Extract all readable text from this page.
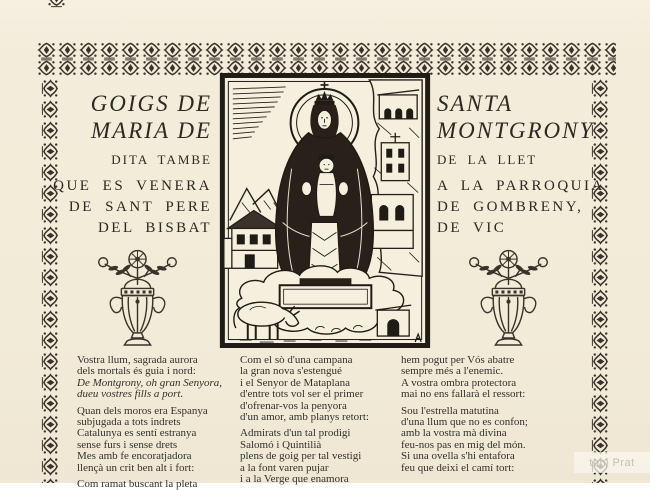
GOIGS DE
MARIA DE
DITA TAMBE
QUE ES VENERA
DE SANT PERE
DEL BISBAT
SANTA
MONTGRONY
DE LA LLET
A LA PARROQUIA
DE GOMBRENY,
DE VIC
Vostra llum, sagrada aurora
dels mortals és guia i nord:
De Montgrony, oh gran Senyora,
dueu vostres fills a port.
Quan dels moros era Espanya
subjugada a tots indrets
Catalunya es sentí estranya
sense furs i sense drets
Mes amb fe encoratjadora
llençà un crit ben alt i fort:
Com ramat buscant la pleta
Com el sò d'una campana
la gran nova s'estengué
i el Senyor de Mataplana
d'entre tots vol ser el primer
d'ofrenar-vos la penyora
d'un amor, amb planys retort:
Admirats d'un tal prodigi
Salomó i Quintilià
plens de goig per tal vestigi
a la font varen pujar
i a la Verge que enamora
hem pogut per Vós abatre
sempre més a l'enemic.
A vostra ombra protectora
mai no ens fallarà el ressort:
Sou l'estrella matutina
d'una llum que no es confon;
amb la vostra mà divina
feu-nos pas en mig del món.
Si una ovella s'hi entafora
feu que deixi el camí tort:	toni Prat
